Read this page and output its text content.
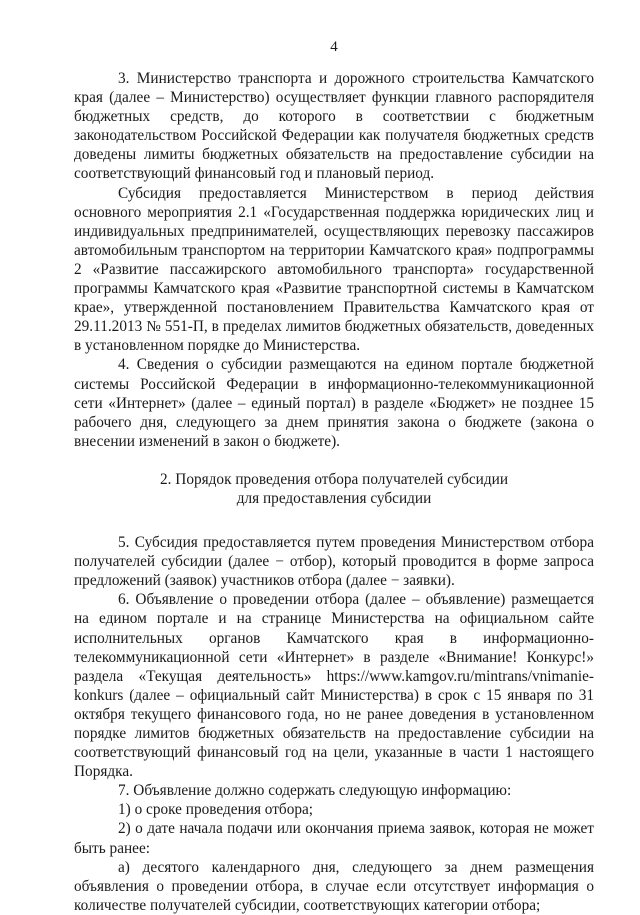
4

3. Министерство транспорта и дорожного строительства Камчатского края (далее – Министерство) осуществляет функции главного распорядителя бюджетных средств, до которого в соответствии с бюджетным законодательством Российской Федерации как получателя бюджетных средств доведены лимиты бюджетных обязательств на предоставление субсидии на соответствующий финансовый год и плановый период.

Субсидия предоставляется Министерством в период действия основного мероприятия 2.1 «Государственная поддержка юридических лиц и индивидуальных предпринимателей, осуществляющих перевозку пассажиров автомобильным транспортом на территории Камчатского края» подпрограммы 2 «Развитие пассажирского автомобильного транспорта» государственной программы Камчатского края «Развитие транспортной системы в Камчатском крае», утвержденной постановлением Правительства Камчатского края от 29.11.2013 № 551-П, в пределах лимитов бюджетных обязательств, доведенных в установленном порядке до Министерства.

4. Сведения о субсидии размещаются на едином портале бюджетной системы Российской Федерации в информационно-телекоммуникационной сети «Интернет» (далее – единый портал) в разделе «Бюджет» не позднее 15 рабочего дня, следующего за днем принятия закона о бюджете (закона о внесении изменений в закон о бюджете).

2. Порядок проведения отбора получателей субсидии
для предоставления субсидии

5. Субсидия предоставляется путем проведения Министерством отбора получателей субсидии (далее − отбор), который проводится в форме запроса предложений (заявок) участников отбора (далее − заявки).

6. Объявление о проведении отбора (далее – объявление) размещается на едином портале и на странице Министерства на официальном сайте исполнительных органов Камчатского края в информационно-телекоммуникационной сети «Интернет» в разделе «Внимание! Конкурс!» раздела «Текущая деятельность» https://www.kamgov.ru/mintrans/vnimanie-konkurs (далее – официальный сайт Министерства) в срок с 15 января по 31 октября текущего финансового года, но не ранее доведения в установленном порядке лимитов бюджетных обязательств на предоставление субсидии на соответствующий финансовый год на цели, указанные в части 1 настоящего Порядка.

7. Объявление должно содержать следующую информацию:

1) о сроке проведения отбора;

2) о дате начала подачи или окончания приема заявок, которая не может быть ранее:

а) десятого календарного дня, следующего за днем размещения объявления о проведении отбора, в случае если отсутствует информация о количестве получателей субсидии, соответствующих категории отбора;
